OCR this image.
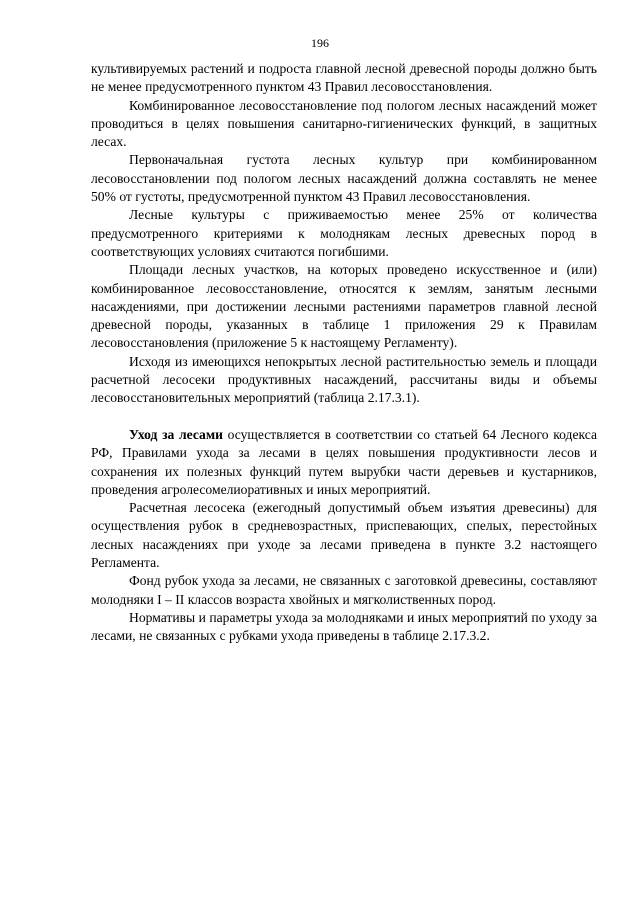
196

культивируемых растений и подроста главной лесной древесной породы должно быть не менее предусмотренного пунктом 43 Правил лесовосстановления.

Комбинированное лесовосстановление под пологом лесных насаждений может проводиться в целях повышения санитарно-гигиенических функций, в защитных лесах.

Первоначальная густота лесных культур при комбинированном лесовосстановлении под пологом лесных насаждений должна составлять не менее 50% от густоты, предусмотренной пунктом 43 Правил лесовосстановления.

Лесные культуры с приживаемостью менее 25% от количества предусмотренного критериями к молоднякам лесных древесных пород в соответствующих условиях считаются погибшими.

Площади лесных участков, на которых проведено искусственное и (или) комбинированное лесовосстановление, относятся к землям, занятым лесными насаждениями, при достижении лесными растениями параметров главной лесной древесной породы, указанных в таблице 1 приложения 29 к Правилам лесовосстановления (приложение 5 к настоящему Регламенту).

Исходя из имеющихся непокрытых лесной растительностью земель и площади расчетной лесосеки продуктивных насаждений, рассчитаны виды и объемы лесовосстановительных мероприятий (таблица 2.17.3.1).

Уход за лесами осуществляется в соответствии со статьей 64 Лесного кодекса РФ, Правилами ухода за лесами в целях повышения продуктивности лесов и сохранения их полезных функций путем вырубки части деревьев и кустарников, проведения агролесомелиоративных и иных мероприятий.

Расчетная лесосека (ежегодный допустимый объем изъятия древесины) для осуществления рубок в средневозрастных, приспевающих, спелых, перестойных лесных насаждениях при уходе за лесами приведена в пункте 3.2 настоящего Регламента.

Фонд рубок ухода за лесами, не связанных с заготовкой древесины, составляют молодняки I – II классов возраста хвойных и мягколиственных пород.

Нормативы и параметры ухода за молодняками и иных мероприятий по уходу за лесами, не связанных с рубками ухода приведены в таблице 2.17.3.2.
